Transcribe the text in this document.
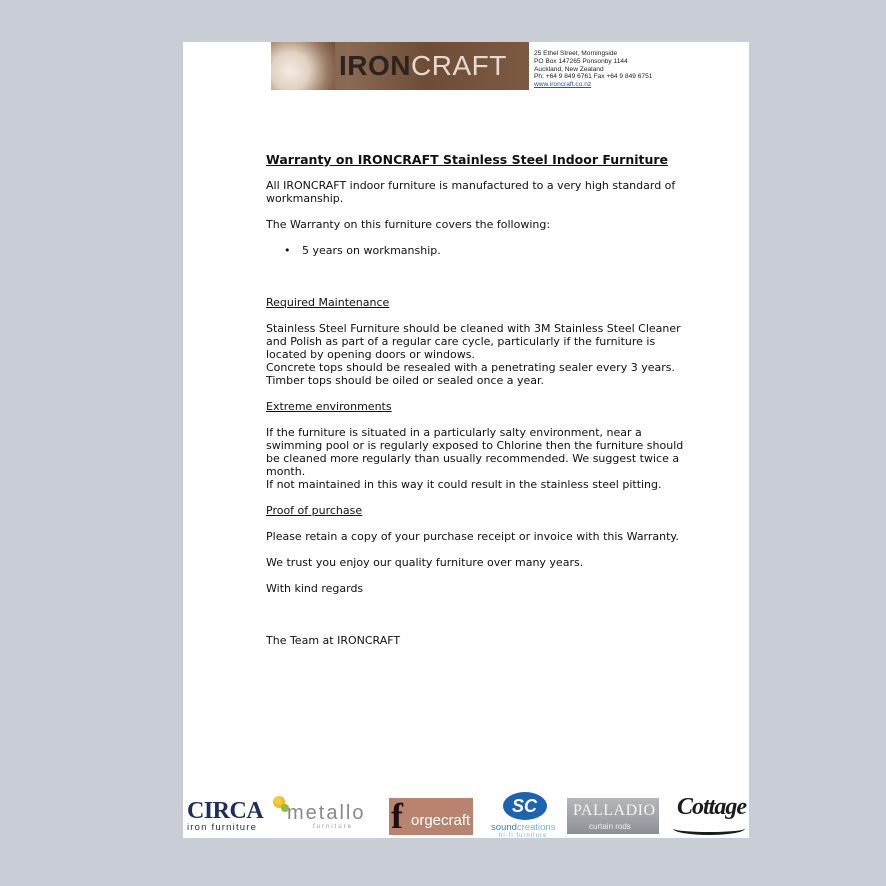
IRONCRAFT	25 Ethel Street, Morningside
PO Box 147265 Ponsonby 1144
Auckland, New Zealand
Ph: +64 9 849 6761 Fax +64 9 849 6751
www.ironcraft.co.nz
Warranty on IRONCRAFT Stainless Steel Indoor Furniture
All IRONCRAFT indoor furniture is manufactured to a very high standard of workmanship.
The Warranty on this furniture covers the following:
• 5 years on workmanship.
Required Maintenance
Stainless Steel Furniture should be cleaned with 3M Stainless Steel Cleaner and Polish as part of a regular care cycle, particularly if the furniture is located by opening doors or windows.
Concrete tops should be resealed with a penetrating sealer every 3 years.
Timber tops should be oiled or sealed once a year.
Extreme environments
If the furniture is situated in a particularly salty environment, near a swimming pool or is regularly exposed to Chlorine then the furniture should be cleaned more regularly than usually recommended. We suggest twice a month.
If not maintained in this way it could result in the stainless steel pitting.
Proof of purchase
Please retain a copy of your purchase receipt or invoice with this Warranty.
We trust you enjoy our quality furniture over many years.
With kind regards
The Team at IRONCRAFT
CIRCA
iron furniture
metallo
furniture f orgecraft
SC
soundcreations
hi-fi furniture
PALLADIO
curtain rods
Cottage
